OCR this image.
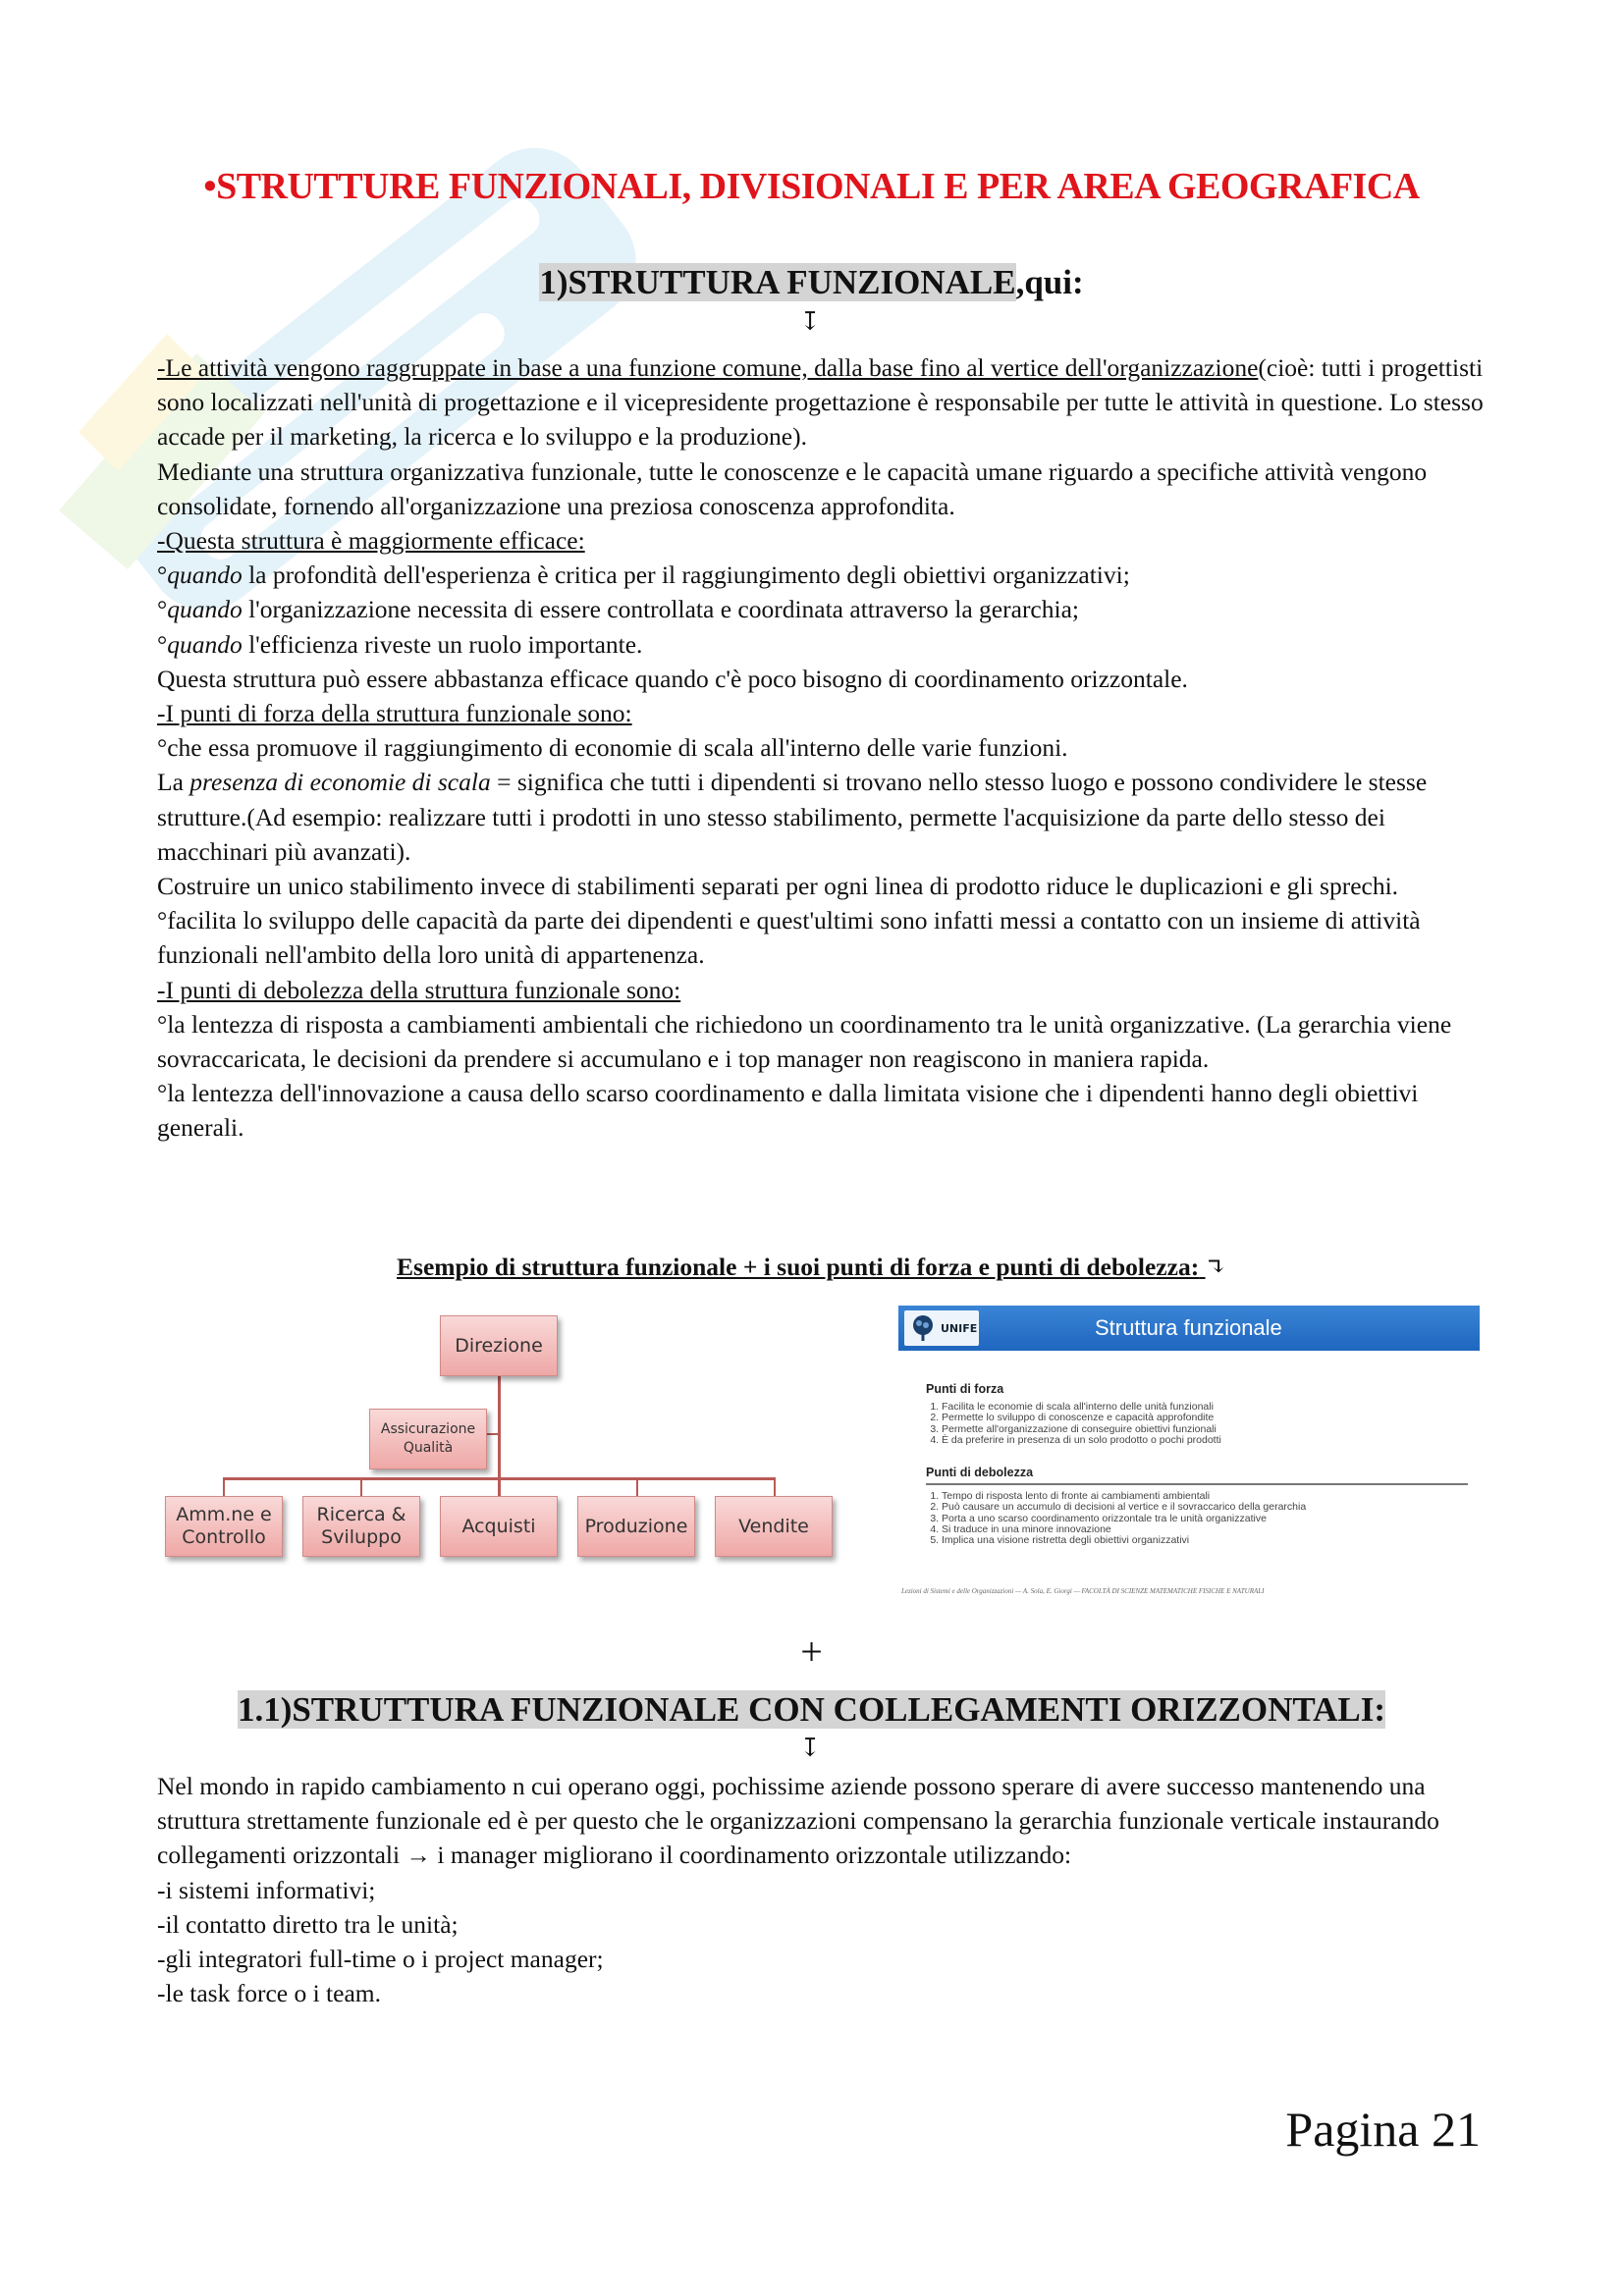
•STRUTTURE FUNZIONALI, DIVISIONALI E PER AREA GEOGRAFICA
1)STRUTTURA FUNZIONALE,qui:
↧

-Le attività vengono raggruppate in base a una funzione comune, dalla base fino al vertice dell'organizzazione(cioè: tutti i progettisti sono localizzati nell'unità di progettazione e il vicepresidente progettazione è responsabile per tutte le attività in questione. Lo stesso accade per il marketing, la ricerca e lo sviluppo e la produzione).

Mediante una struttura organizzativa funzionale, tutte le conoscenze e le capacità umane riguardo a specifiche attività vengono consolidate, fornendo all'organizzazione una preziosa conoscenza approfondita.

-Questa struttura è maggiormente efficace:

°quando la profondità dell'esperienza è critica per il raggiungimento degli obiettivi organizzativi;

°quando l'organizzazione necessita di essere controllata e coordinata attraverso la gerarchia;

°quando l'efficienza riveste un ruolo importante.

Questa struttura può essere abbastanza efficace quando c'è poco bisogno di coordinamento orizzontale.

-I punti di forza della struttura funzionale sono:

°che essa promuove il raggiungimento di economie di scala all'interno delle varie funzioni.

La presenza di economie di scala = significa che tutti i dipendenti si trovano nello stesso luogo e possono condividere le stesse strutture.(Ad esempio: realizzare tutti i prodotti in uno stesso stabilimento, permette l'acquisizione da parte dello stesso dei macchinari più avanzati).

Costruire un unico stabilimento invece di stabilimenti separati per ogni linea di prodotto riduce le duplicazioni e gli sprechi.

°facilita lo sviluppo delle capacità da parte dei dipendenti e quest'ultimi sono infatti messi a contatto con un insieme di attività funzionali nell'ambito della loro unità di appartenenza.

-I punti di debolezza della struttura funzionale sono:

°la lentezza di risposta a cambiamenti ambientali che richiedono un coordinamento tra le unità organizzative. (La gerarchia viene sovraccaricata, le decisioni da prendere si accumulano e i top manager non reagiscono in maniera rapida.

°la lentezza dell'innovazione a causa dello scarso coordinamento e dalla limitata visione che i dipendenti hanno degli obiettivi generali.

Esempio di struttura funzionale + i suoi punti di forza e punti di debolezza: ↴
Direzione
Assicurazione Qualità
Amm.ne e Controllo
Ricerca & Sviluppo	Acquisti	Produzione	Vendite
UNIFE	Struttura funzionale
Punti di forza
1. Facilita le economie di scala all'interno delle unità funzionali
2. Permette lo sviluppo di conoscenze e capacità approfondite
3. Permette all'organizzazione di conseguire obiettivi funzionali
4. È da preferire in presenza di un solo prodotto o pochi prodotti
Punti di debolezza
1. Tempo di risposta lento di fronte ai cambiamenti ambientali
2. Può causare un accumulo di decisioni al vertice e il sovraccarico della gerarchia
3. Porta a uno scarso coordinamento orizzontale tra le unità organizzative
4. Si traduce in una minore innovazione
5. Implica una visione ristretta degli obiettivi organizzativi
Lezioni di Sistemi e delle Organizzazioni — A. Sola, E. Giorgi — FACOLTÀ DI SCIENZE MATEMATICHE FISICHE E NATURALI
+
1.1)STRUTTURA FUNZIONALE CON COLLEGAMENTI ORIZZONTALI:
↧

Nel mondo in rapido cambiamento n cui operano oggi, pochissime aziende possono sperare di avere successo mantenendo una struttura strettamente funzionale ed è per questo che le organizzazioni compensano la gerarchia funzionale verticale instaurando collegamenti orizzontali → i manager migliorano il coordinamento orizzontale utilizzando:

-i sistemi informativi;

-il contatto diretto tra le unità;

-gli integratori full-time o i project manager;

-le task force o i team.

Pagina 21
